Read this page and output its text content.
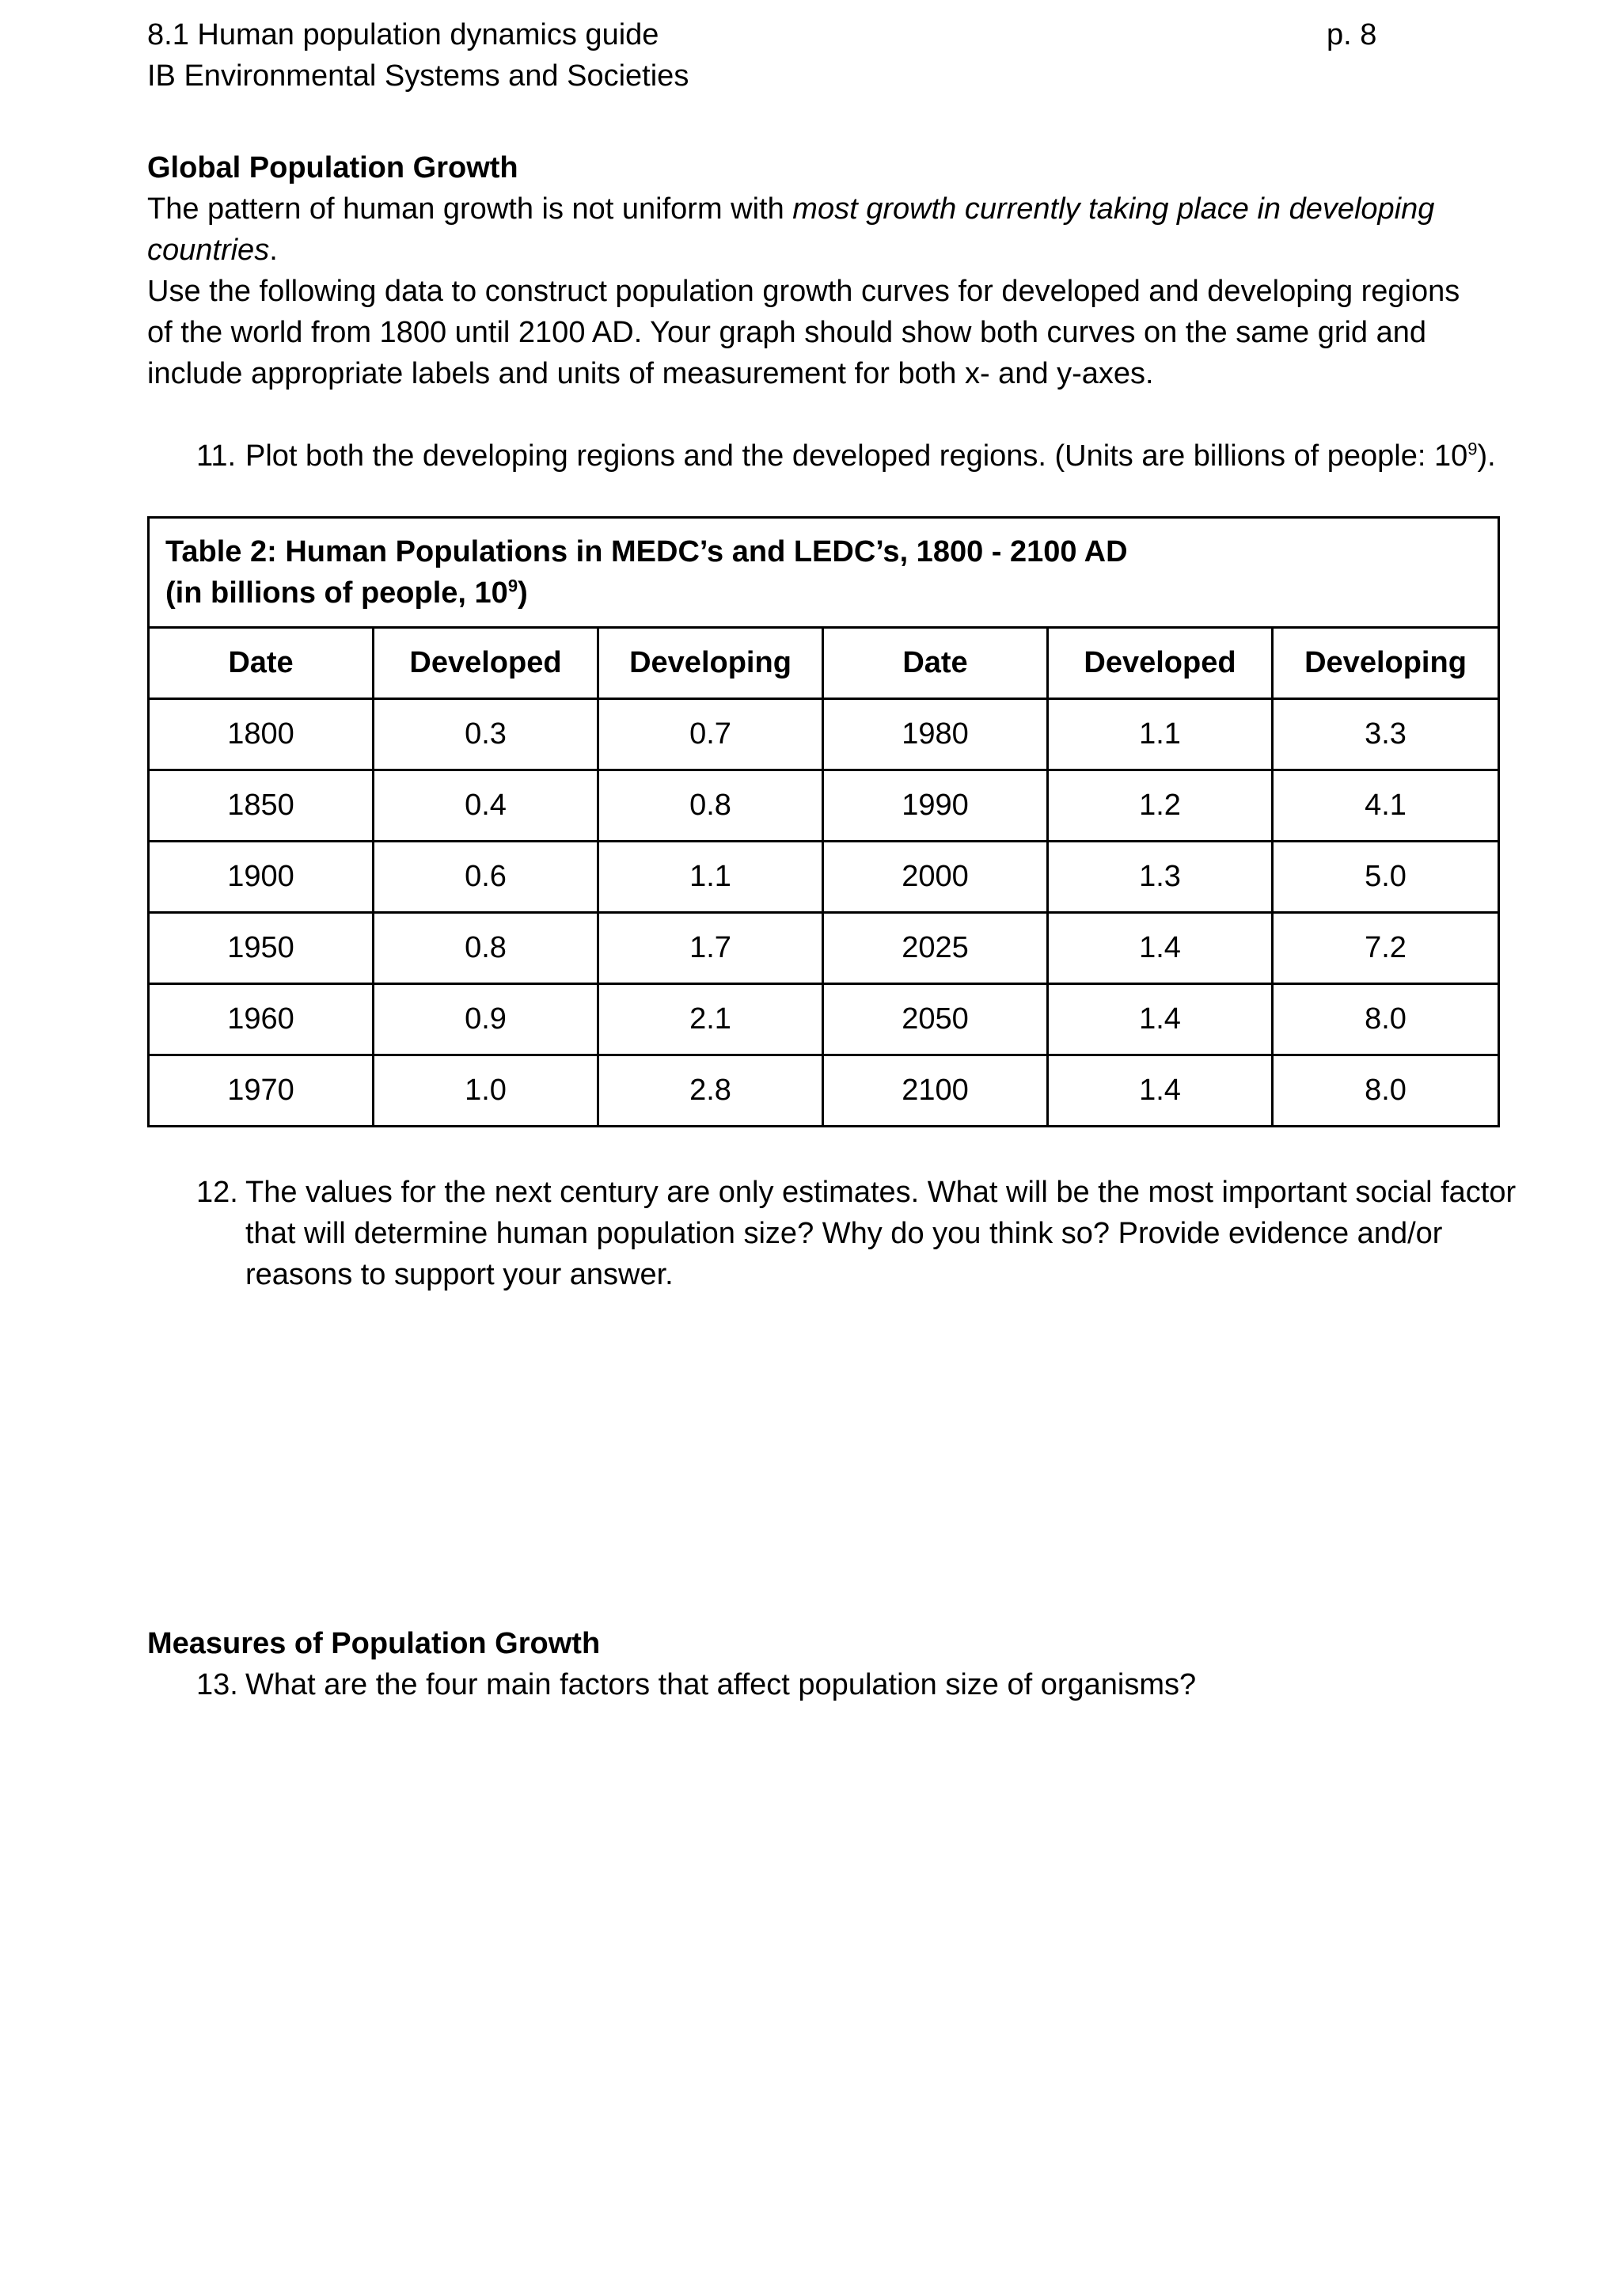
8.1 Human population dynamics guide
IB Environmental Systems and Societies
p. 8
Global Population Growth
The pattern of human growth is not uniform with most growth currently taking place in developing countries.
Use the following data to construct population growth curves for developed and developing regions of the world from 1800 until 2100 AD. Your graph should show both curves on the same grid and include appropriate labels and units of measurement for both x- and y-axes.
11. Plot both the developing regions and the developed regions. (Units are billions of people: $10^9$).
Table 2: Human Populations in MEDC’s and LEDC’s, 1800 - 2100 AD
(in billions of people, $10^9$)					

Date	Developed	Developing	Date	Developed	Developing
1800	0.3	0.7	1980	1.1	3.3
1850	0.4	0.8	1990	1.2	4.1
1900	0.6	1.1	2000	1.3	5.0
1950	0.8	1.7	2025	1.4	7.2
1960	0.9	2.1	2050	1.4	8.0
1970	1.0	2.8	2100	1.4	8.0
12. The values for the next century are only estimates. What will be the most important social factor that will determine human population size? Why do you think so? Provide evidence and/or reasons to support your answer.
Measures of Population Growth
13. What are the four main factors that affect population size of organisms?
